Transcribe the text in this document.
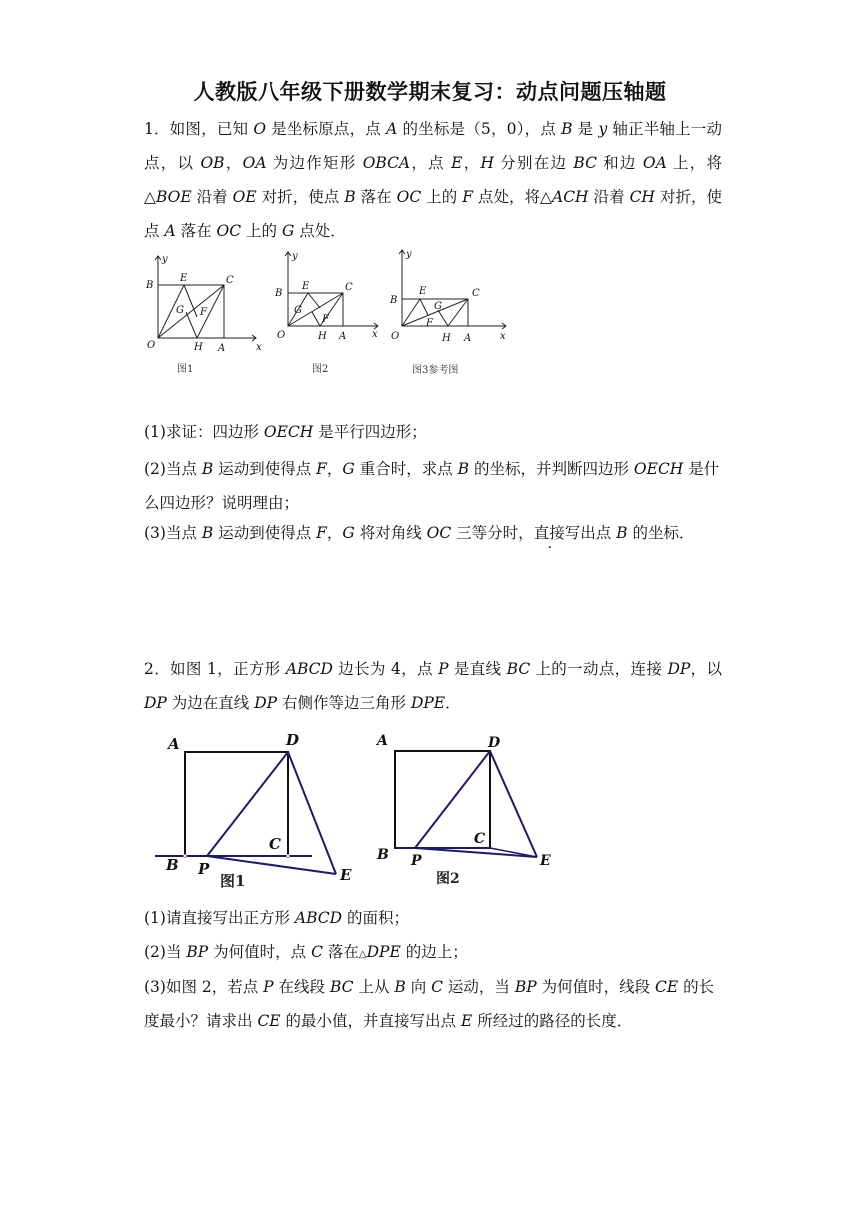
人教版八年级下册数学期末复习：动点问题压轴题

1．如图，已知 O 是坐标原点，点 A 的坐标是（5，0），点 B 是 y 轴正半轴上一动点，以 OB，OA 为边作矩形 OBCA，点 E，H 分别在边 BC 和边 OA 上，将△BOE 沿着 OE 对折，使点 B 落在 OC 上的 F 点处，将△ACH 沿着 CH 对折，使点 A 落在 OC 上的 G 点处．

y
x
B
E	C
G F
O	H A
图1
y
x
B
E	C
G
F
O	H A
图2
y
x
B
E	C
G
F
O	H A
图3参考图
(1)求证：四边形 OECH 是平行四边形；
(2)当点 B 运动到使得点 F，G 重合时，求点 B 的坐标，并判断四边形 OECH 是什么四边形？说明理由；
(3)当点 B 运动到使得点 F，G 将对角线 OC 三等分时，直接写出点 B 的坐标．

2．如图 1，正方形 ABCD 边长为 4，点 P 是直线 BC 上的一动点，连接 DP，以 DP 为边在直线 DP 右侧作等边三角形 DPE．

A	D
C
B P	E
图1
A	D
C
B P	E
图2
(1)请直接写出正方形 ABCD 的面积；
(2)当 BP 为何值时，点 C 落在△DPE 的边上；
(3)如图 2，若点 P 在线段 BC 上从 B 向 C 运动，当 BP 为何值时，线段 CE 的长度最小？请求出 CE 的最小值，并直接写出点 E 所经过的路径的长度．
